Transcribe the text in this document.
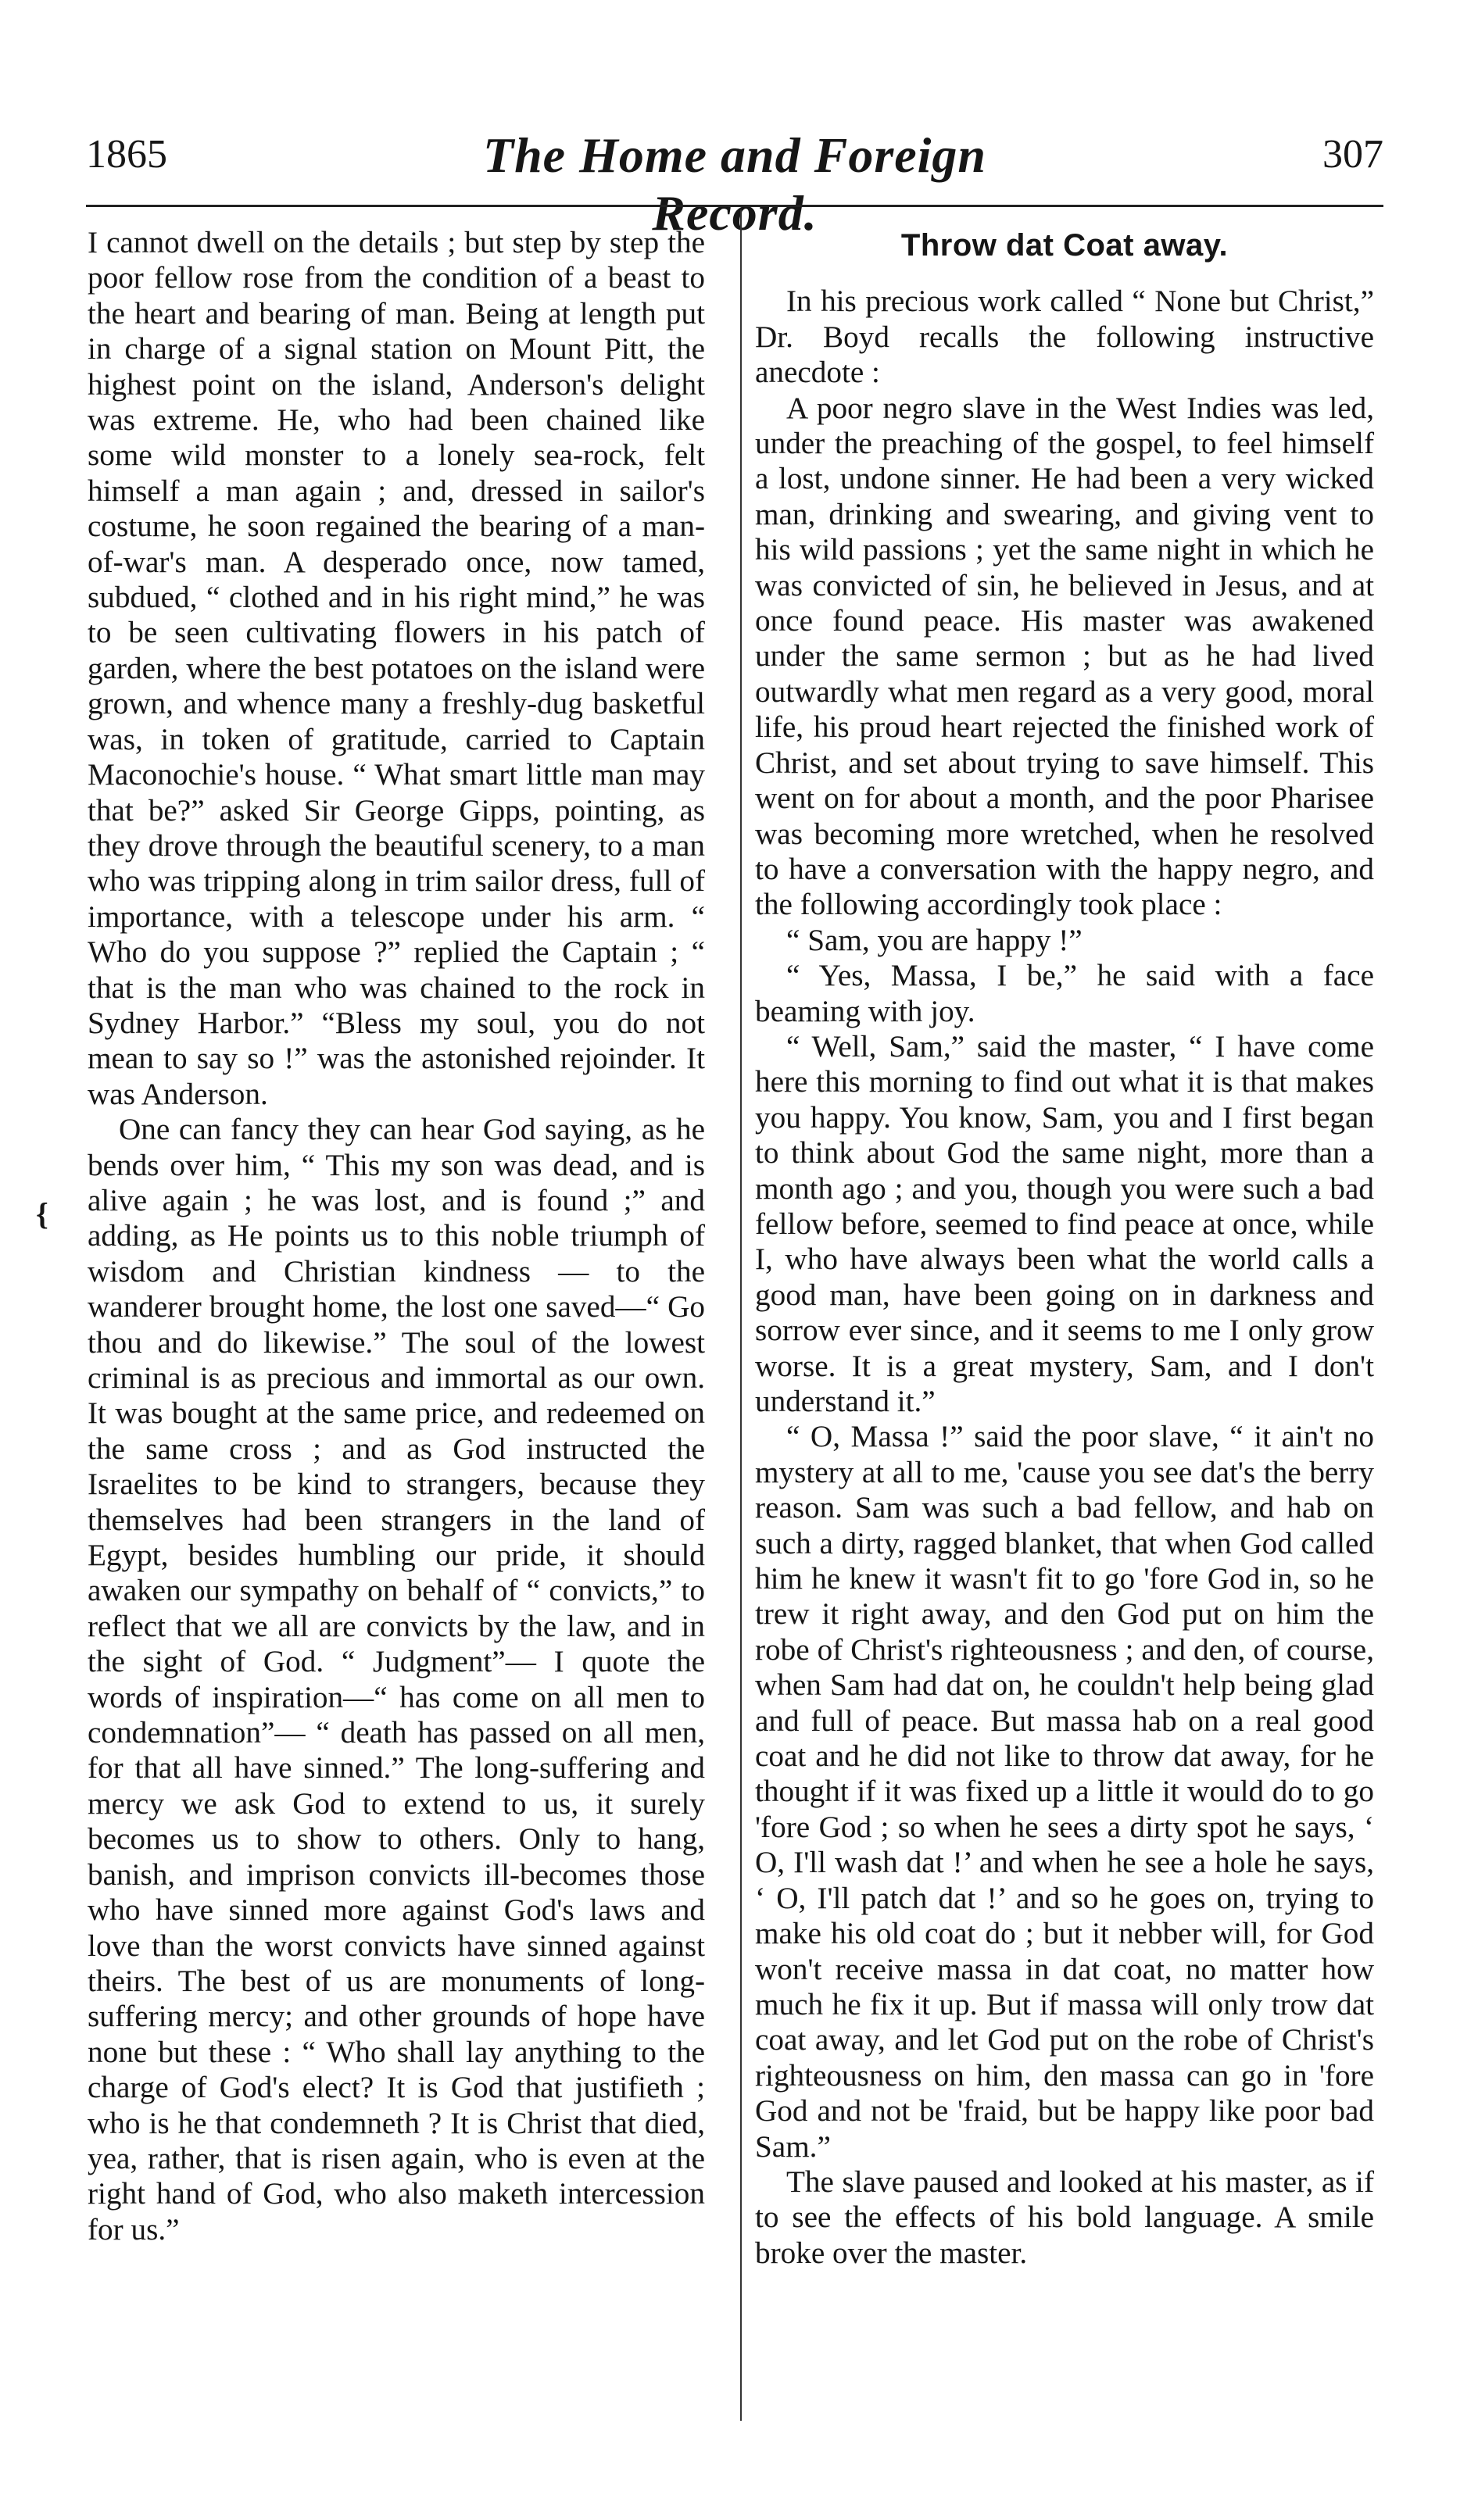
1865	The Home and Foreign Record.
307
{

I cannot dwell on the details ; but step by step the poor fellow rose from the condition of a beast to the heart and bearing of man. Being at length put in charge of a signal station on Mount Pitt, the highest point on the island, Anderson's delight was extreme. He, who had been chained like some wild monster to a lonely sea-rock, felt himself a man again ; and, dressed in sailor's costume, he soon regained the bearing of a man-of-war's man. A desperado once, now tamed, subdued, “ clothed and in his right mind,” he was to be seen cultivating flowers in his patch of garden, where the best potatoes on the island were grown, and whence many a freshly-dug basketful was, in token of gratitude, carried to Captain Maconochie's house. “ What smart little man may that be?” asked Sir George Gipps, pointing, as they drove through the beautiful scenery, to a man who was tripping along in trim sailor dress, full of importance, with a telescope under his arm. “ Who do you suppose ?” replied the Captain ; “ that is the man who was chained to the rock in Sydney Harbor.” “Bless my soul, you do not mean to say so !” was the astonished rejoinder. It was Anderson.

One can fancy they can hear God saying, as he bends over him, “ This my son was dead, and is alive again ; he was lost, and is found ;” and adding, as He points us to this noble triumph of wisdom and Christian kindness — to the wanderer brought home, the lost one saved—“ Go thou and do likewise.” The soul of the lowest criminal is as precious and immortal as our own. It was bought at the same price, and redeemed on the same cross ; and as God instructed the Israelites to be kind to strangers, because they themselves had been strangers in the land of Egypt, besides humbling our pride, it should awaken our sympathy on behalf of “ convicts,” to reflect that we all are convicts by the law, and in the sight of God. “ Judgment”— I quote the words of inspiration—“ has come on all men to condemnation”— “ death has passed on all men, for that all have sinned.” The long-suffering and mercy we ask God to extend to us, it surely becomes us to show to others. Only to hang, banish, and imprison convicts ill-becomes those who have sinned more against God's laws and love than the worst convicts have sinned against theirs. The best of us are monuments of long-suffering mercy; and other grounds of hope have none but these : “ Who shall lay anything to the charge of God's elect? It is God that justifieth ; who is he that condemneth ? It is Christ that died, yea, rather, that is risen again, who is even at the right hand of God, who also maketh intercession for us.”

Throw dat Coat away.

In his precious work called “ None but Christ,” Dr. Boyd recalls the following instructive anecdote :

A poor negro slave in the West Indies was led, under the preaching of the gospel, to feel himself a lost, undone sinner. He had been a very wicked man, drinking and swearing, and giving vent to his wild passions ; yet the same night in which he was convicted of sin, he believed in Jesus, and at once found peace. His master was awakened under the same sermon ; but as he had lived outwardly what men regard as a very good, moral life, his proud heart rejected the finished work of Christ, and set about trying to save himself. This went on for about a month, and the poor Pharisee was becoming more wretched, when he resolved to have a conversation with the happy negro, and the following accordingly took place :

“ Sam, you are happy !”

“ Yes, Massa, I be,” he said with a face beaming with joy.

“ Well, Sam,” said the master, “ I have come here this morning to find out what it is that makes you happy. You know, Sam, you and I first began to think about God the same night, more than a month ago ; and you, though you were such a bad fellow before, seemed to find peace at once, while I, who have always been what the world calls a good man, have been going on in darkness and sorrow ever since, and it seems to me I only grow worse. It is a great mystery, Sam, and I don't understand it.”

“ O, Massa !” said the poor slave, “ it ain't no mystery at all to me, 'cause you see dat's the berry reason. Sam was such a bad fellow, and hab on such a dirty, ragged blanket, that when God called him he knew it wasn't fit to go 'fore God in, so he trew it right away, and den God put on him the robe of Christ's righteousness ; and den, of course, when Sam had dat on, he couldn't help being glad and full of peace. But massa hab on a real good coat and he did not like to throw dat away, for he thought if it was fixed up a little it would do to go 'fore God ; so when he sees a dirty spot he says, ‘ O, I'll wash dat !’ and when he see a hole he says, ‘ O, I'll patch dat !’ and so he goes on, trying to make his old coat do ; but it nebber will, for God won't receive massa in dat coat, no matter how much he fix it up. But if massa will only trow dat coat away, and let God put on the robe of Christ's righteousness on him, den massa can go in 'fore God and not be 'fraid, but be happy like poor bad Sam.”

The slave paused and looked at his master, as if to see the effects of his bold language. A smile broke over the master.
